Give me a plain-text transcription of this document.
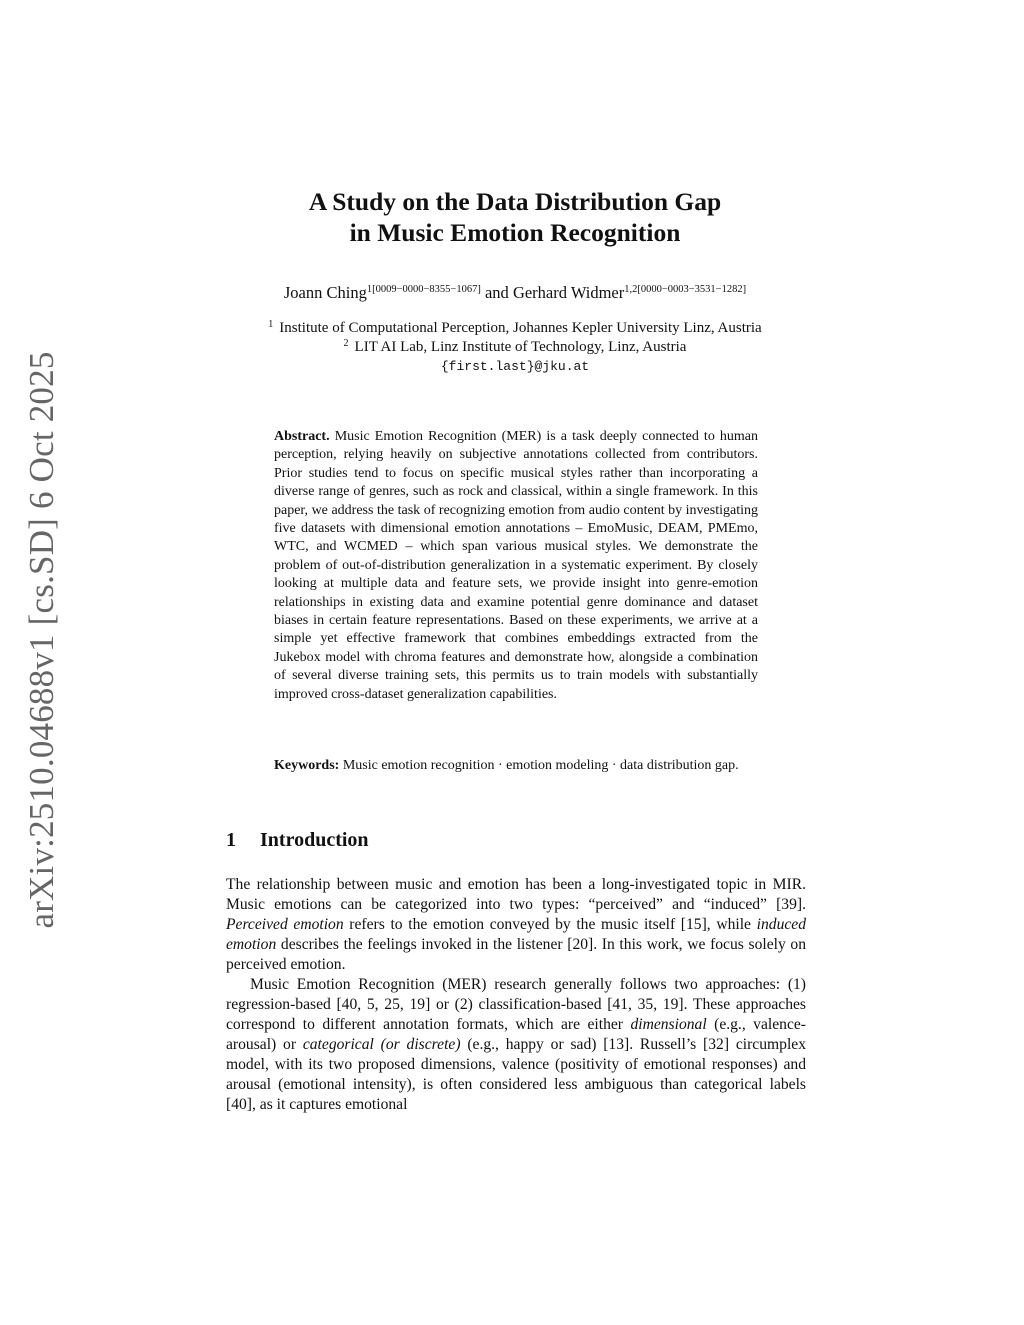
arXiv:2510.04688v1 [cs.SD] 6 Oct 2025
A Study on the Data Distribution Gap
in Music Emotion Recognition
Joann Ching$^{1[0009-0000-8355-1067]}$ and Gerhard Widmer$^{1,2[0000-0003-3531-1282]}$
$^1$ Institute of Computational Perception, Johannes Kepler University Linz, Austria
$^2$ LIT AI Lab, Linz Institute of Technology, Linz, Austria
{first.last}@jku.at
Abstract. Music Emotion Recognition (MER) is a task deeply connected to human perception, relying heavily on subjective annotations collected from contributors. Prior studies tend to focus on specific musical styles rather than incorporating a diverse range of genres, such as rock and classical, within a single framework. In this paper, we address the task of recognizing emotion from audio content by investigating five datasets with dimensional emotion annotations – EmoMusic, DEAM, PMEmo, WTC, and WCMED – which span various musical styles. We demonstrate the problem of out-of-distribution generalization in a systematic experiment. By closely looking at multiple data and feature sets, we provide insight into genre-emotion relationships in existing data and examine potential genre dominance and dataset biases in certain feature representations. Based on these experiments, we arrive at a simple yet effective framework that combines embeddings extracted from the Jukebox model with chroma features and demonstrate how, alongside a combination of several diverse training sets, this permits us to train models with substantially improved cross-dataset generalization capabilities.
Keywords: Music emotion recognition · emotion modeling · data distribution gap.
1 Introduction
The relationship between music and emotion has been a long-investigated topic in MIR. Music emotions can be categorized into two types: “perceived” and “induced” [39]. Perceived emotion refers to the emotion conveyed by the music itself [15], while induced emotion describes the feelings invoked in the listener [20]. In this work, we focus solely on perceived emotion.
Music Emotion Recognition (MER) research generally follows two approaches: (1) regression-based [40, 5, 25, 19] or (2) classification-based [41, 35, 19]. These approaches correspond to different annotation formats, which are either dimensional (e.g., valence-arousal) or categorical (or discrete) (e.g., happy or sad) [13]. Russell’s [32] circumplex model, with its two proposed dimensions, valence (positivity of emotional responses) and arousal (emotional intensity), is often considered less ambiguous than categorical labels [40], as it captures emotional
